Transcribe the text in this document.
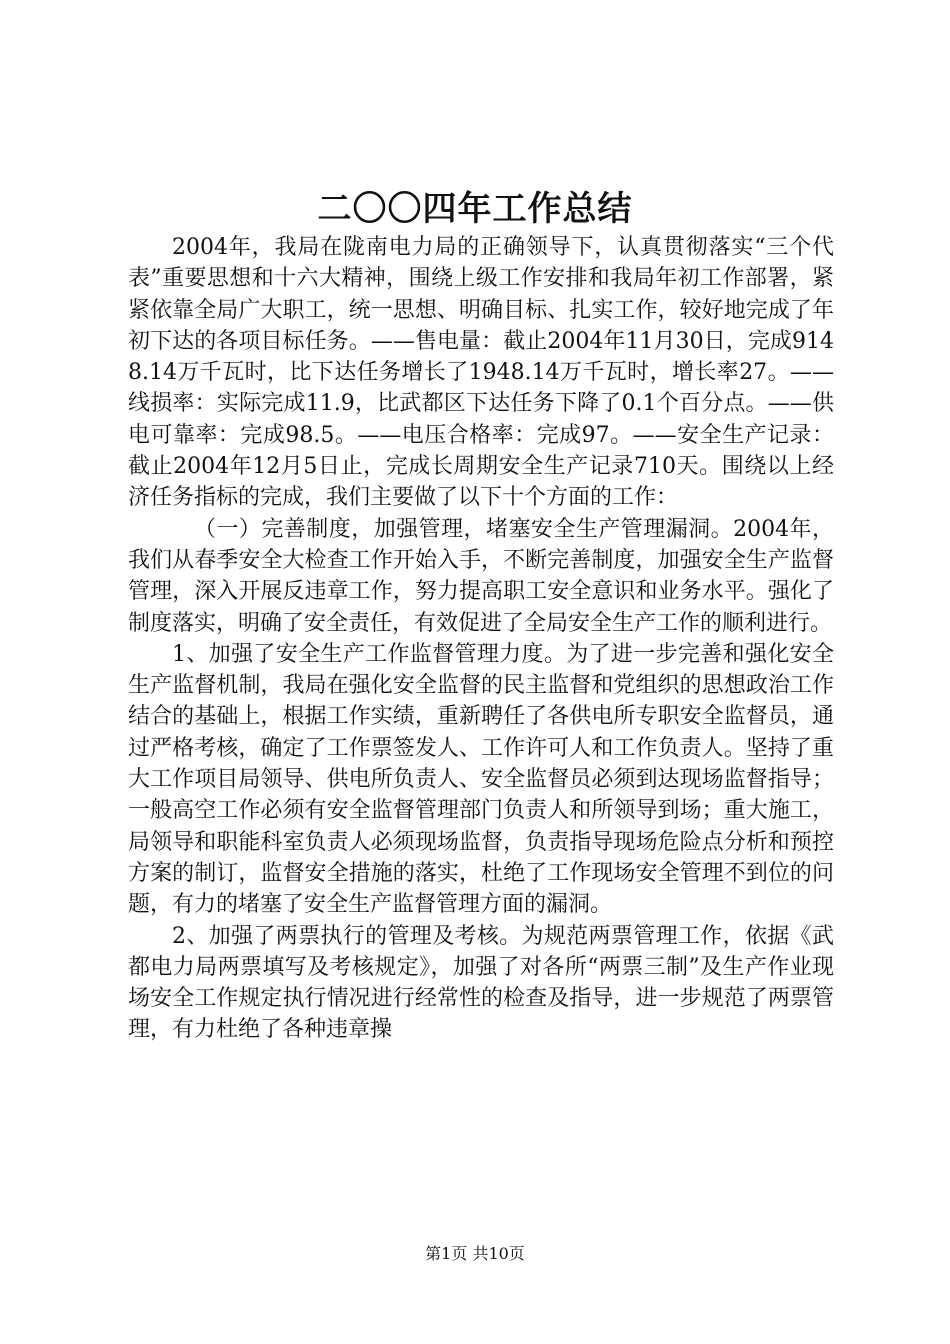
二〇〇四年工作总结

2004年，我局在陇南电力局的正确领导下，认真贯彻落实“三个代表”重要思想和十六大精神，围绕上级工作安排和我局年初工作部署，紧紧依靠全局广大职工，统一思想、明确目标、扎实工作，较好地完成了年初下达的各项目标任务。——售电量：截止2004年11月30日，完成9148.14万千瓦时，比下达任务增长了1948.14万千瓦时，增长率27。——线损率：实际完成11.9，比武都区下达任务下降了0.1个百分点。——供电可靠率：完成98.5。——电压合格率：完成97。——安全生产记录：截止2004年12月5日止，完成长周期安全生产记录710天。围绕以上经济任务指标的完成，我们主要做了以下十个方面的工作：

（一）完善制度，加强管理，堵塞安全生产管理漏洞。2004年，我们从春季安全大检查工作开始入手，不断完善制度，加强安全生产监督管理，深入开展反违章工作，努力提高职工安全意识和业务水平。强化了制度落实，明确了安全责任，有效促进了全局安全生产工作的顺利进行。

1、加强了安全生产工作监督管理力度。为了进一步完善和强化安全生产监督机制，我局在强化安全监督的民主监督和党组织的思想政治工作结合的基础上，根据工作实绩，重新聘任了各供电所专职安全监督员，通过严格考核，确定了工作票签发人、工作许可人和工作负责人。坚持了重大工作项目局领导、供电所负责人、安全监督员必须到达现场监督指导；一般高空工作必须有安全监督管理部门负责人和所领导到场；重大施工，局领导和职能科室负责人必须现场监督，负责指导现场危险点分析和预控方案的制订，监督安全措施的落实，杜绝了工作现场安全管理不到位的问题，有力的堵塞了安全生产监督管理方面的漏洞。

2、加强了两票执行的管理及考核。为规范两票管理工作，依据《武都电力局两票填写及考核规定》，加强了对各所“两票三制”及生产作业现场安全工作规定执行情况进行经常性的检查及指导，进一步规范了两票管理，有力杜绝了各种违章操

第1页 共10页
